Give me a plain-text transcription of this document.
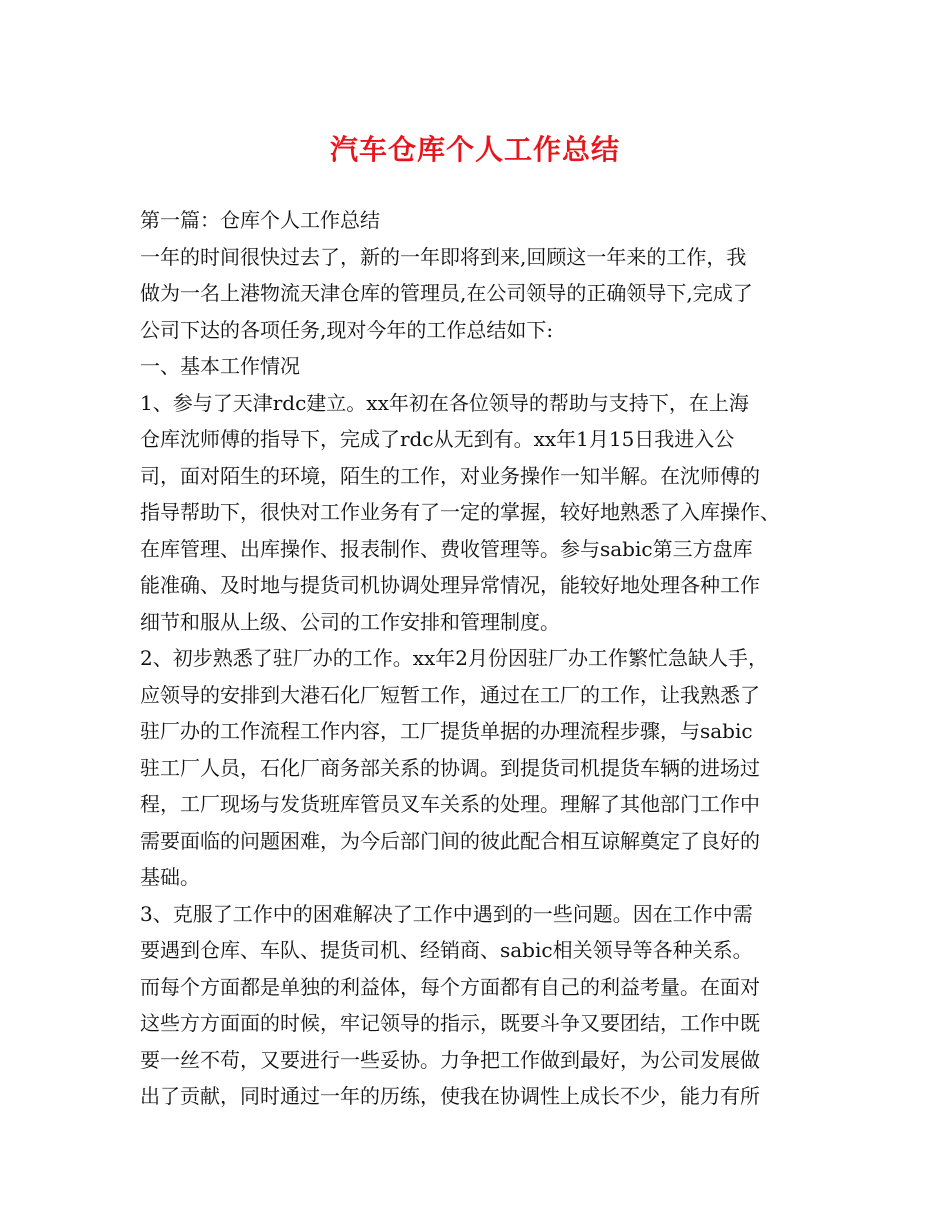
汽车仓库个人工作总结
第一篇：仓库个人工作总结
一年的时间很快过去了，新的一年即将到来,回顾这一年来的工作，我
做为一名上港物流天津仓库的管理员,在公司领导的正确领导下,完成了
公司下达的各项任务,现对今年的工作总结如下:
一、基本工作情况
1、参与了天津rdc建立。xx年初在各位领导的帮助与支持下，在上海
仓库沈师傅的指导下，完成了rdc从无到有。xx年1月15日我进入公
司，面对陌生的环境，陌生的工作，对业务操作一知半解。在沈师傅的
指导帮助下，很快对工作业务有了一定的掌握，较好地熟悉了入库操作、
在库管理、出库操作、报表制作、费收管理等。参与sabic第三方盘库
能准确、及时地与提货司机协调处理异常情况，能较好地处理各种工作
细节和服从上级、公司的工作安排和管理制度。
2、初步熟悉了驻厂办的工作。xx年2月份因驻厂办工作繁忙急缺人手，
应领导的安排到大港石化厂短暂工作，通过在工厂的工作，让我熟悉了
驻厂办的工作流程工作内容，工厂提货单据的办理流程步骤，与sabic
驻工厂人员，石化厂商务部关系的协调。到提货司机提货车辆的进场过
程，工厂现场与发货班库管员叉车关系的处理。理解了其他部门工作中
需要面临的问题困难，为今后部门间的彼此配合相互谅解奠定了良好的
基础。
3、克服了工作中的困难解决了工作中遇到的一些问题。因在工作中需
要遇到仓库、车队、提货司机、经销商、sabic相关领导等各种关系。
而每个方面都是单独的利益体，每个方面都有自己的利益考量。在面对
这些方方面面的时候，牢记领导的指示，既要斗争又要团结，工作中既
要一丝不苟，又要进行一些妥协。力争把工作做到最好，为公司发展做
出了贡献，同时通过一年的历练，使我在协调性上成长不少，能力有所
